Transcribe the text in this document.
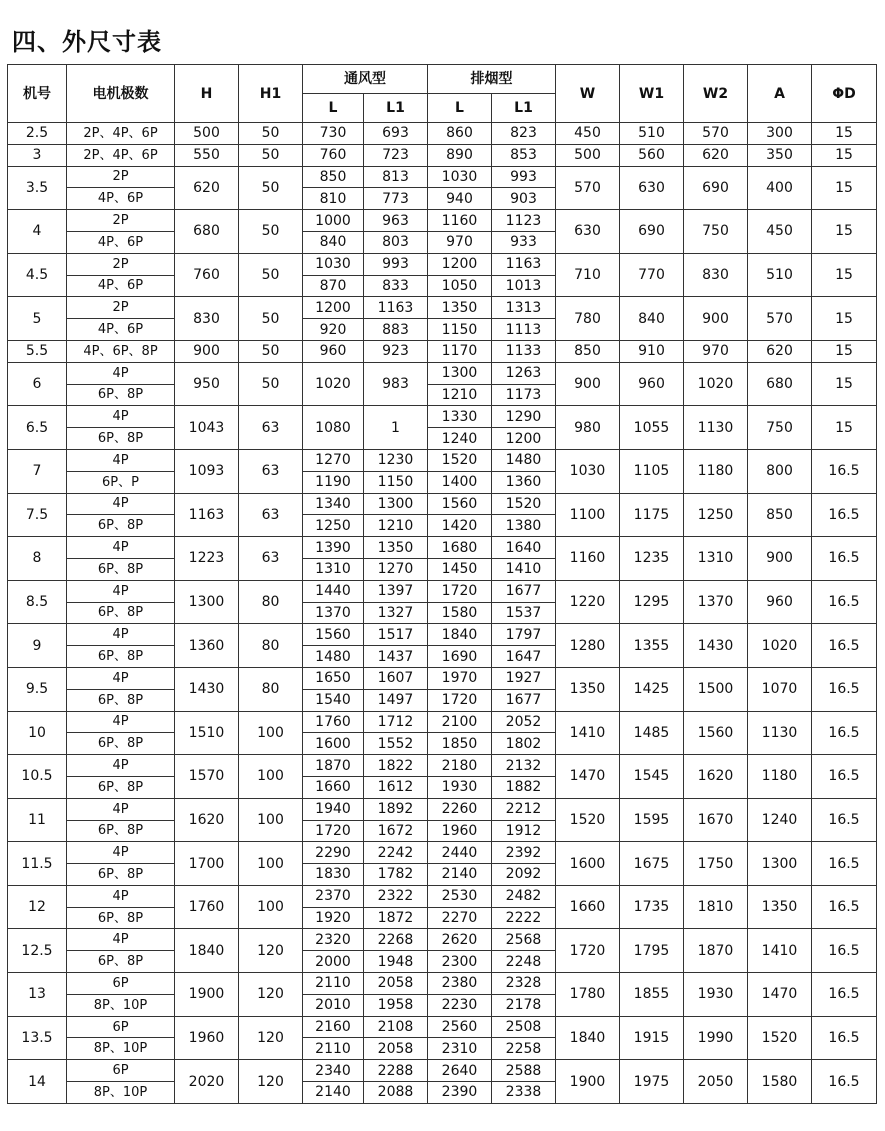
四、外尺寸表
机号	电机极数	H	H1	通风型		排烟型		W	W1	W2	A	ΦD
				L	L1	L	L1					
2.5	2P、4P、6P	500	50	730	693	860	823	450	510	570	300	15
3	2P、4P、6P	550	50	760	723	890	853	500	560	620	350	15
3.5	2P	620	50	850	813	1030	993	570	630	690	400	15
	4P、6P			810	773	940	903					
4	2P	680	50	1000	963	1160	1123	630	690	750	450	15
	4P、6P			840	803	970	933					
4.5	2P	760	50	1030	993	1200	1163	710	770	830	510	15
	4P、6P			870	833	1050	1013					
5	2P	830	50	1200	1163	1350	1313	780	840	900	570	15
	4P、6P			920	883	1150	1113					
5.5	4P、6P、8P	900	50	960	923	1170	1133	850	910	970	620	15
6	4P	950	50	1020	983	1300	1263	900	960	1020	680	15
	6P、8P					1210	1173					
6.5	4P	1043	63	1080	1	1330	1290	980	1055	1130	750	15
	6P、8P					1240	1200					
7	4P	1093	63	1270	1230	1520	1480	1030	1105	1180	800	16.5
	6P、P			1190	1150	1400	1360					
7.5	4P	1163	63	1340	1300	1560	1520	1100	1175	1250	850	16.5
	6P、8P			1250	1210	1420	1380					
8	4P	1223	63	1390	1350	1680	1640	1160	1235	1310	900	16.5
	6P、8P			1310	1270	1450	1410					
8.5	4P	1300	80	1440	1397	1720	1677	1220	1295	1370	960	16.5
	6P、8P			1370	1327	1580	1537					
9	4P	1360	80	1560	1517	1840	1797	1280	1355	1430	1020	16.5
	6P、8P			1480	1437	1690	1647					
9.5	4P	1430	80	1650	1607	1970	1927	1350	1425	1500	1070	16.5
	6P、8P			1540	1497	1720	1677					
10	4P	1510	100	1760	1712	2100	2052	1410	1485	1560	1130	16.5
	6P、8P			1600	1552	1850	1802					
10.5	4P	1570	100	1870	1822	2180	2132	1470	1545	1620	1180	16.5
	6P、8P			1660	1612	1930	1882					
11	4P	1620	100	1940	1892	2260	2212	1520	1595	1670	1240	16.5
	6P、8P			1720	1672	1960	1912					
11.5	4P	1700	100	2290	2242	2440	2392	1600	1675	1750	1300	16.5
	6P、8P			1830	1782	2140	2092					
12	4P	1760	100	2370	2322	2530	2482	1660	1735	1810	1350	16.5
	6P、8P			1920	1872	2270	2222					
12.5	4P	1840	120	2320	2268	2620	2568	1720	1795	1870	1410	16.5
	6P、8P			2000	1948	2300	2248					
13	6P	1900	120	2110	2058	2380	2328	1780	1855	1930	1470	16.5
	8P、10P			2010	1958	2230	2178					
13.5	6P	1960	120	2160	2108	2560	2508	1840	1915	1990	1520	16.5
	8P、10P			2110	2058	2310	2258					
14	6P	2020	120	2340	2288	2640	2588	1900	1975	2050	1580	16.5
	8P、10P			2140	2088	2390	2338					
